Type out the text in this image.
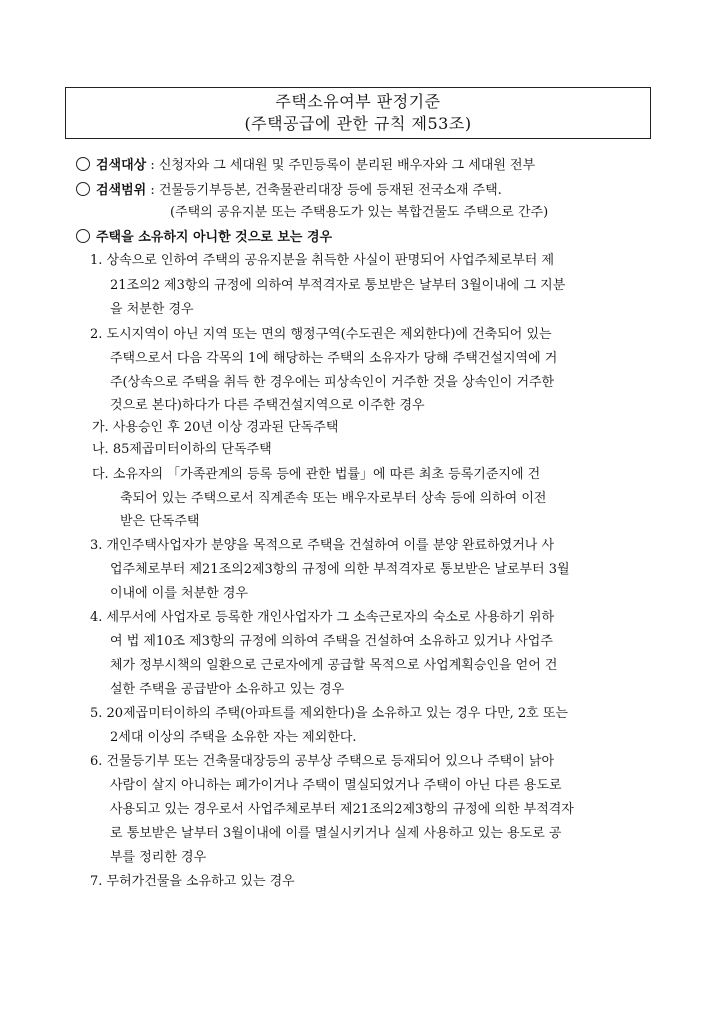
주택소유여부 판정기준
(주택공급에 관한 규칙 제53조)
검색대상 : 신청자와 그 세대원 및 주민등록이 분리된 배우자와 그 세대원 전부
검색범위 : 건물등기부등본, 건축물관리대장 등에 등재된 전국소재 주택.
(주택의 공유지분 또는 주택용도가 있는 복합건물도 주택으로 간주)
주택을 소유하지 아니한 것으로 보는 경우
1. 상속으로 인하여 주택의 공유지분을 취득한 사실이 판명되어 사업주체로부터 제
21조의2 제3항의 규정에 의하여 부적격자로 통보받은 날부터 3월이내에 그 지분
을 처분한 경우
2. 도시지역이 아닌 지역 또는 면의 행정구역(수도권은 제외한다)에 건축되어 있는
주택으로서 다음 각목의 1에 해당하는 주택의 소유자가 당해 주택건설지역에 거
주(상속으로 주택을 취득 한 경우에는 피상속인이 거주한 것을 상속인이 거주한
것으로 본다)하다가 다른 주택건설지역으로 이주한 경우
가. 사용승인 후 20년 이상 경과된 단독주택
나. 85제곱미터이하의 단독주택
다. 소유자의 「가족관계의 등록 등에 관한 법률」에 따른 최초 등록기준지에 건
축되어 있는 주택으로서 직계존속 또는 배우자로부터 상속 등에 의하여 이전
받은 단독주택
3. 개인주택사업자가 분양을 목적으로 주택을 건설하여 이를 분양 완료하였거나 사
업주체로부터 제21조의2제3항의 규정에 의한 부적격자로 통보받은 날로부터 3월
이내에 이를 처분한 경우
4. 세무서에 사업자로 등록한 개인사업자가 그 소속근로자의 숙소로 사용하기 위하
여 법 제10조 제3항의 규정에 의하여 주택을 건설하여 소유하고 있거나 사업주
체가 정부시책의 일환으로 근로자에게 공급할 목적으로 사업계획승인을 얻어 건
설한 주택을 공급받아 소유하고 있는 경우
5. 20제곱미터이하의 주택(아파트를 제외한다)을 소유하고 있는 경우 다만, 2호 또는
2세대 이상의 주택을 소유한 자는 제외한다.
6. 건물등기부 또는 건축물대장등의 공부상 주택으로 등재되어 있으나 주택이 낡아
사람이 살지 아니하는 폐가이거나 주택이 멸실되었거나 주택이 아닌 다른 용도로
사용되고 있는 경우로서 사업주체로부터 제21조의2제3항의 규정에 의한 부적격자
로 통보받은 날부터 3월이내에 이를 멸실시키거나 실제 사용하고 있는 용도로 공
부를 정리한 경우
7. 무허가건물을 소유하고 있는 경우
